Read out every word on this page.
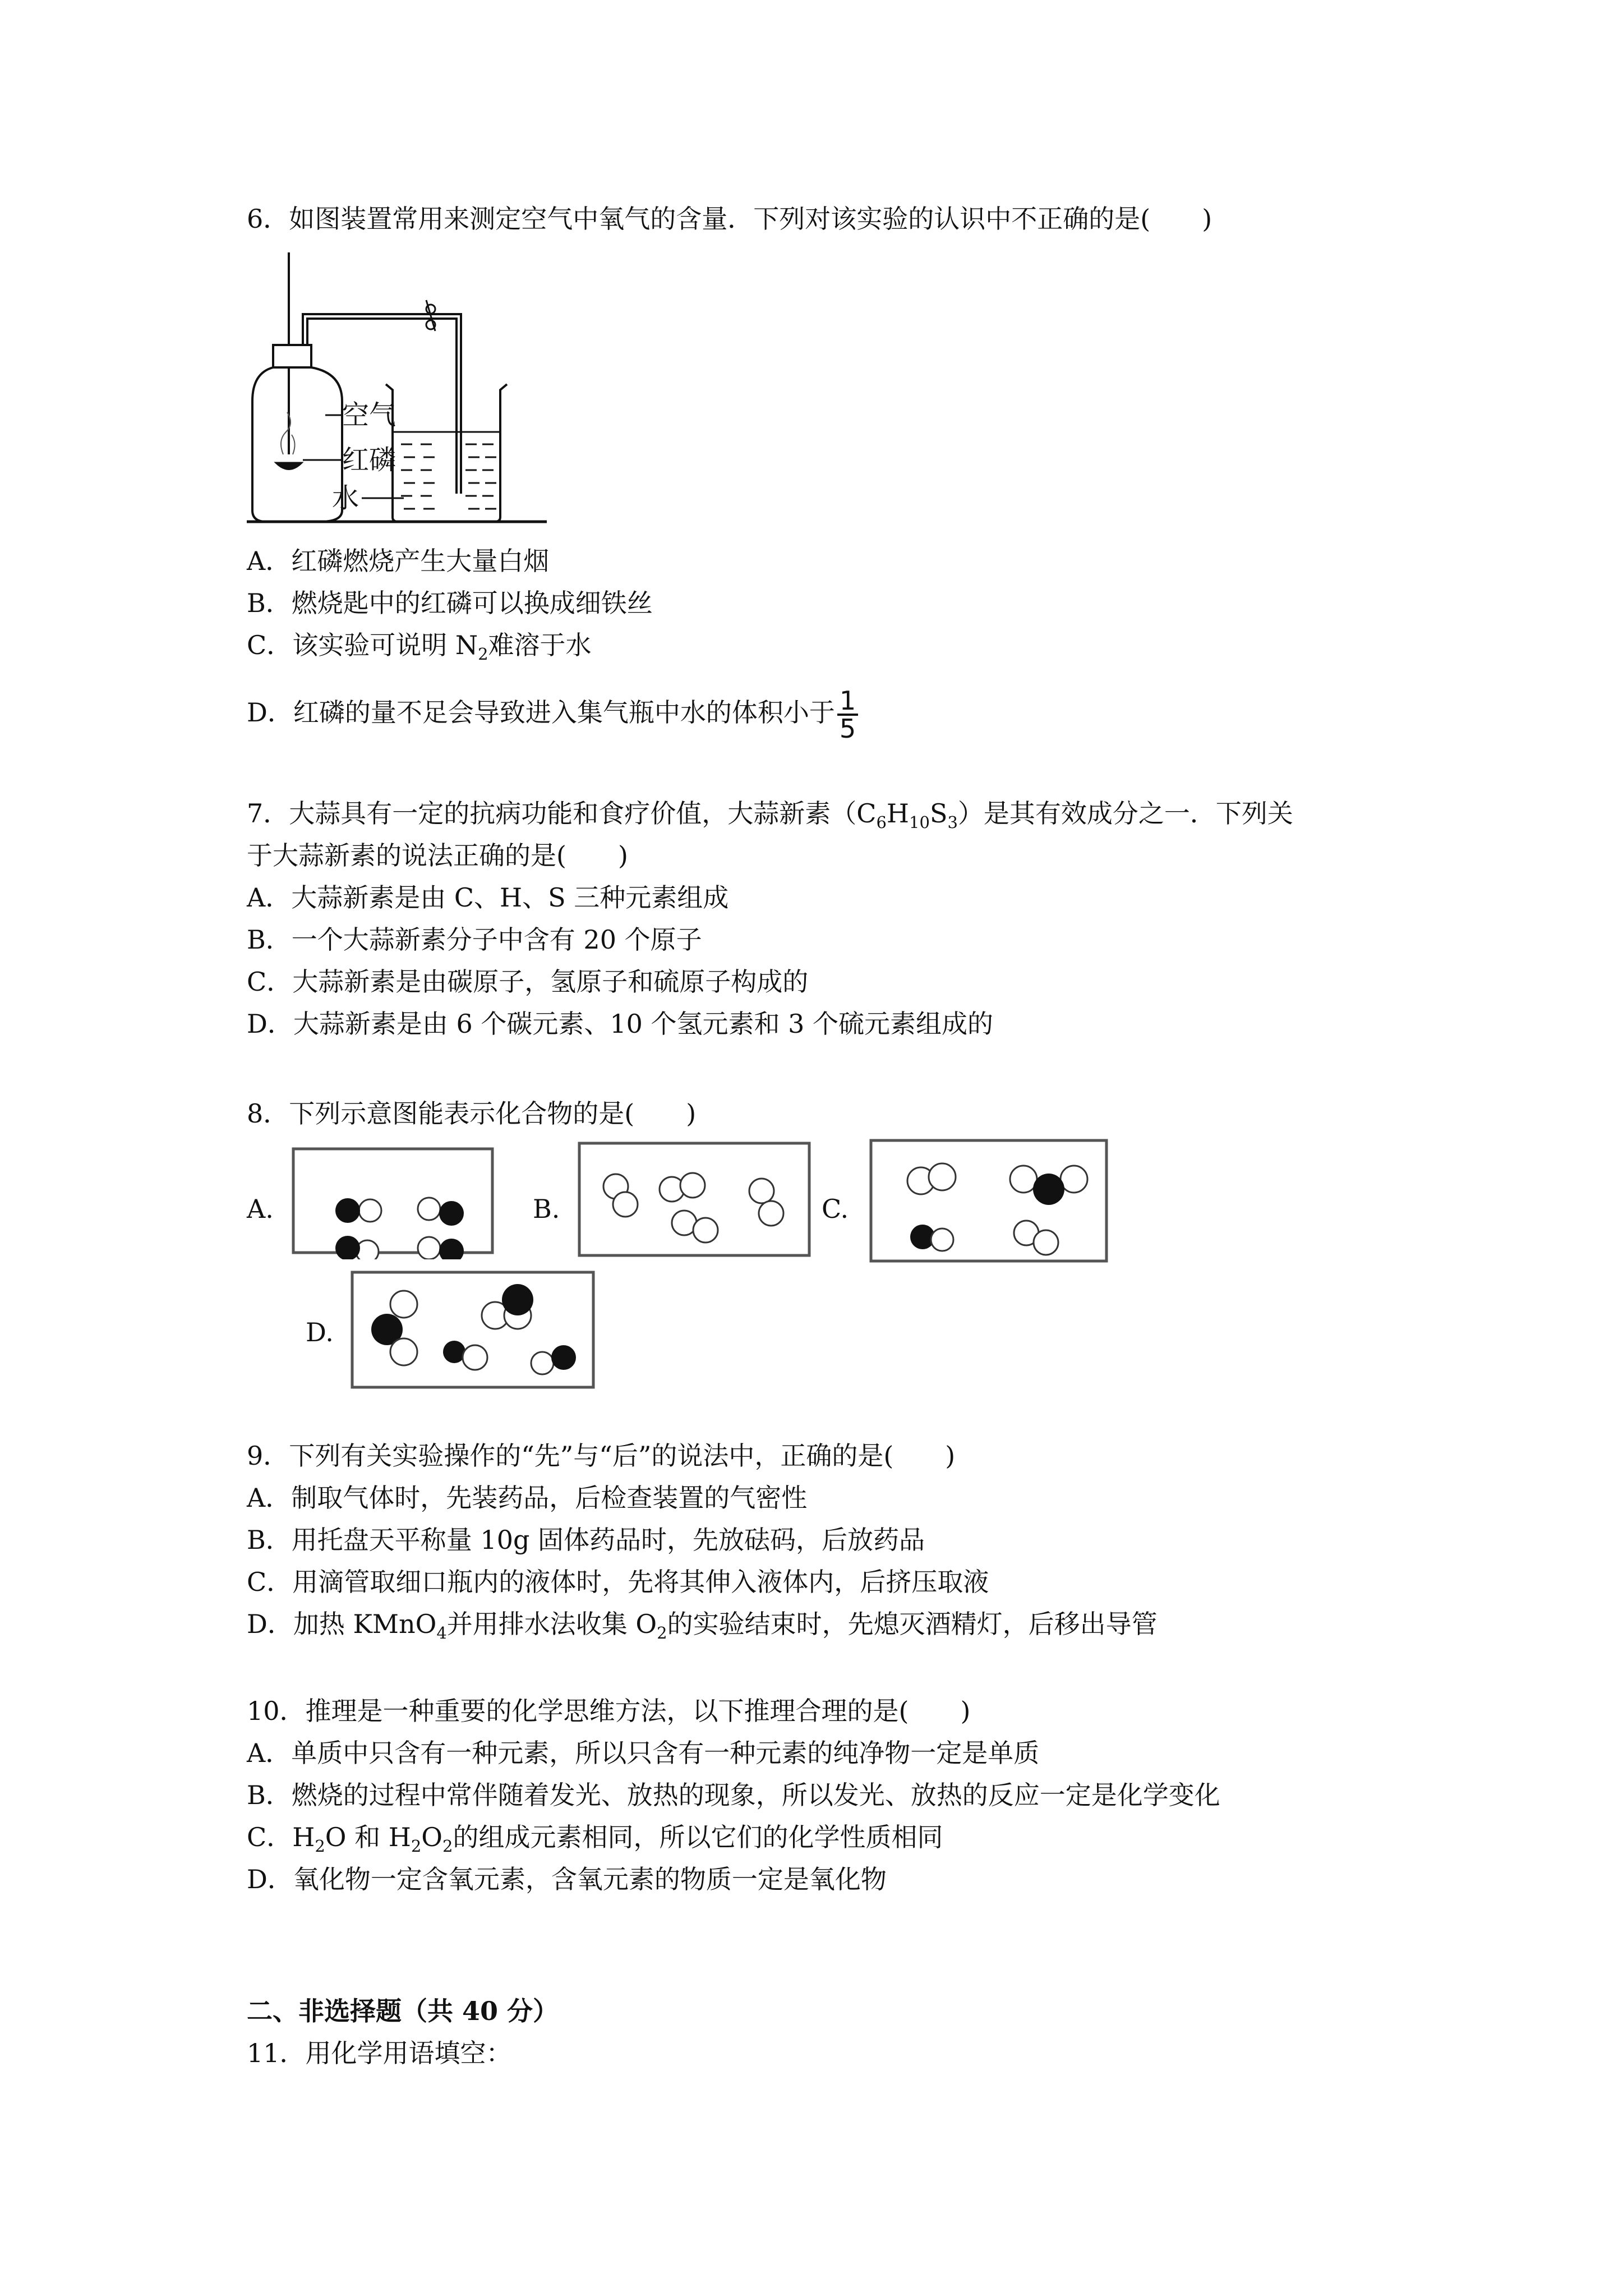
6．如图装置常用来测定空气中氧气的含量．下列对该实验的认识中不正确的是(　　)
空气
红磷
水
A．红磷燃烧产生大量白烟
B．燃烧匙中的红磷可以换成细铁丝
C．该实验可说明 $N_2$难溶于水
D．红磷的量不足会导致进入集气瓶中水的体积小于 $\frac{1}{5}$
7．大蒜具有一定的抗病功能和食疗价值，大蒜新素$(C_6H_{10}S_3)$是其有效成分之一．下列关
于大蒜新素的说法正确的是(　　)
A．大蒜新素是由 C、H、S 三种元素组成
B．一个大蒜新素分子中含有 20 个原子
C．大蒜新素是由碳原子，氢原子和硫原子构成的
D．大蒜新素是由 6 个碳元素、10 个氢元素和 3 个硫元素组成的
8．下列示意图能表示化合物的是(　　)
A.	B.	C.
D.
9．下列有关实验操作的“先”与“后”的说法中，正确的是(　　)
A．制取气体时，先装药品，后检查装置的气密性
B．用托盘天平称量 10g 固体药品时，先放砝码，后放药品
C．用滴管取细口瓶内的液体时，先将其伸入液体内，后挤压取液
D．加热 KMnO$_4$并用排水法收集 $O_2$的实验结束时，先熄灭酒精灯，后移出导管
10．推理是一种重要的化学思维方法，以下推理合理的是(　　)
A．单质中只含有一种元素，所以只含有一种元素的纯净物一定是单质
B．燃烧的过程中常伴随着发光、放热的现象，所以发光、放热的反应一定是化学变化
C．$H_2O$ 和 $H_2O_2$的组成元素相同，所以它们的化学性质相同
D．氧化物一定含氧元素，含氧元素的物质一定是氧化物
二、非选择题（共 40 分）
11．用化学用语填空：
